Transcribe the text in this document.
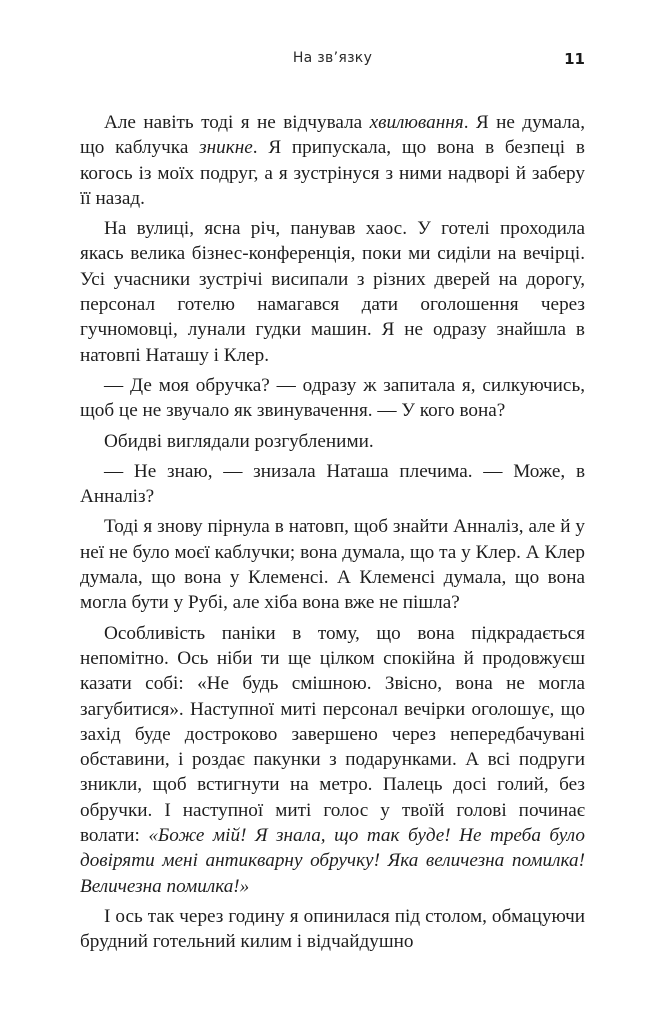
На зв’язку	11

Але навіть тоді я не відчувала хвилювання. Я не думала, що каблучка зникне. Я припускала, що вона в безпеці в когось із моїх подруг, а я зустрінуся з ними надворі й заберу її назад.

На вулиці, ясна річ, панував хаос. У готелі проходила якась велика бізнес-конференція, поки ми сиділи на вечірці. Усі учасники зустрічі висипали з різних дверей на дорогу, персонал готелю намагався дати оголошення через гучномовці, лунали гудки машин. Я не одразу знайшла в натовпі Наташу і Клер.

— Де моя обручка? — одразу ж запитала я, силкуючись, щоб це не звучало як звинувачення. — У кого вона?

Обидві виглядали розгубленими.

— Не знаю, — знизала Наташа плечима. — Може, в Анналіз?

Тоді я знову пірнула в натовп, щоб знайти Анналіз, але й у неї не було моєї каблучки; вона думала, що та у Клер. А Клер думала, що вона у Клеменсі. А Клеменсі думала, що вона могла бути у Рубі, але хіба вона вже не пішла?

Особливість паніки в тому, що вона підкрадається непомітно. Ось ніби ти ще цілком спокійна й продовжуєш казати собі: «Не будь смішною. Звісно, вона не могла загубитися». Наступної миті персонал вечірки оголошує, що захід буде достроково завершено через непередбачувані обставини, і роздає пакунки з подарунками. А всі подруги зникли, щоб встигнути на метро. Палець досі голий, без обручки. І наступної миті голос у твоїй голові починає волати: «Боже мій! Я знала, що так буде! Не треба було довіряти мені антикварну обручку! Яка величезна помилка! Величезна помилка!»

І ось так через годину я опинилася під столом, обмацуючи брудний готельний килим і відчайдушно
